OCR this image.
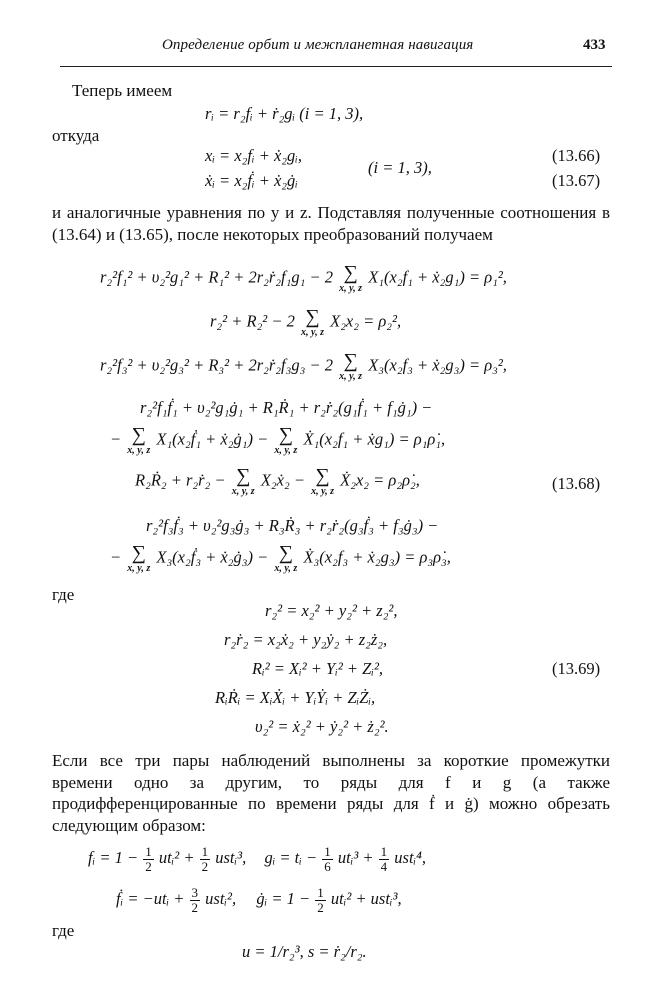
Определение орбит и межпланетная навигация	433
Теперь имеем
rᵢ = r₂fᵢ + ṙ₂gᵢ (i = 1, 3),
откуда
xᵢ = x₂fᵢ + ẋ₂gᵢ,
ẋᵢ = x₂ḟᵢ + ẋ₂ġᵢ
(i = 1, 3),
(13.66)
(13.67)
и аналогичные уравнения по y и z. Подставляя полученные соотношения в (13.64) и (13.65), после некоторых преобразований получаем
r₂²f₁² + υ₂²g₁² + R₁² + 2r₂ṙ₂f₁g₁ − 2 ∑
x, y, z
X₁(x₂f₁ + ẋ₂g₁) = ρ₁²,
r₂² + R₂² − 2 ∑
x, y, z
X₂x₂ = ρ₂²,
r₂²f₃² + υ₂²g₃² + R₃² + 2r₂ṙ₂f₃g₃ − 2 ∑
x, y, z
X₃(x₂f₃ + ẋ₂g₃) = ρ₃²,
r₂²f₁ḟ₁ + υ₂²g₁ġ₁ + R₁Ṙ₁ + r₂ṙ₂(g₁ḟ₁ + f₁ġ₁) −
− ∑
x, y, z
X₁(x₂ḟ₁ + ẋ₂ġ₁) − ∑
x, y, z
Ẋ₁(x₂f₁ + ẋg₁) = ρ₁ρ̇₁,
R₂Ṙ₂ + r₂ṙ₂ − ∑
x, y, z
X₂ẋ₂ − ∑
x, y, z
Ẋ₂x₂ = ρ₂ρ̇₂,	(13.68)
r₂²f₃ḟ₃ + υ₂²g₃ġ₃ + R₃Ṙ₃ + r₂ṙ₂(g₃ḟ₃ + f₃ġ₃) −
− ∑
x, y, z
X₃(x₂ḟ₃ + ẋ₂ġ₃) − ∑
x, y, z
Ẋ₃(x₂f₃ + ẋ₂g₃) = ρ₃ρ̇₃,
где
r₂² = x₂² + y₂² + z₂²,
r₂ṙ₂ = x₂ẋ₂ + y₂ẏ₂ + z₂ż₂,
Rᵢ² = Xᵢ² + Yᵢ² + Zᵢ²,	(13.69)
RᵢṘᵢ = XᵢẊᵢ + YᵢẎᵢ + ZᵢŻᵢ,
υ₂² = ẋ₂² + ẏ₂² + ż₂².
Если все три пары наблюдений выполнены за короткие промежутки времени одно за другим, то ряды для f и g (а также продифференцированные по времени ряды для ḟ и ġ) можно обрезать следующим образом:
fᵢ = $1 - \frac{1}{2}$ utᵢ² + $\frac{1}{2}$ ustᵢ³, gᵢ = tᵢ − $\frac{1}{6}$ utᵢ³ + $\frac{1}{4}$ ustᵢ⁴,
ḟᵢ = −utᵢ + $\frac{3}{2}$ ustᵢ², ġᵢ = $1 - \frac{1}{2}$ utᵢ² + ustᵢ³,
где
u = 1/r₂³, s = ṙ₂/r₂.
